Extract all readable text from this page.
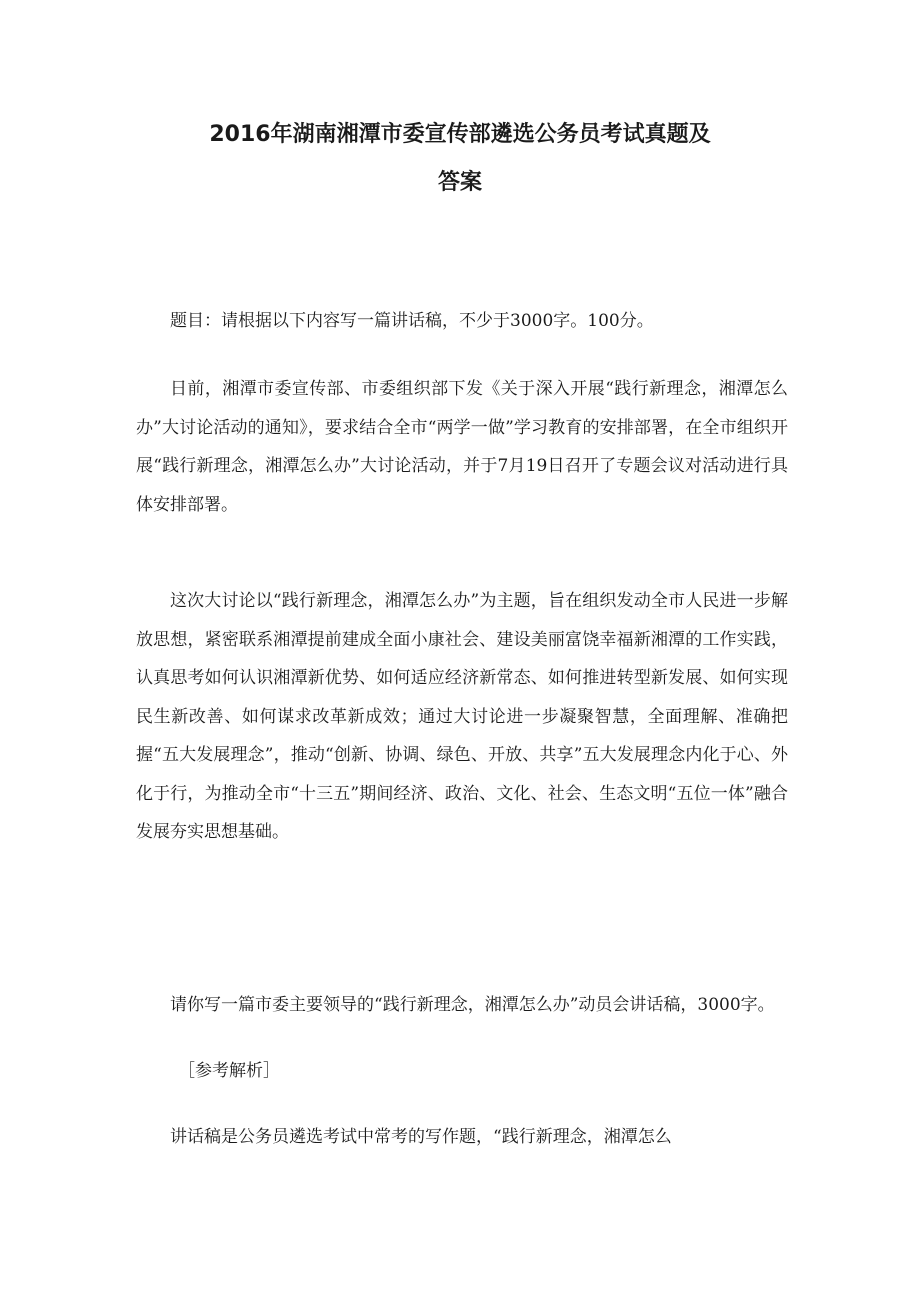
2016年湖南湘潭市委宣传部遴选公务员考试真题及
答案

题目：请根据以下内容写一篇讲话稿，不少于3000字。100分。

日前，湘潭市委宣传部、市委组织部下发《关于深入开展“践行新理念，湘潭怎么办”大讨论活动的通知》，要求结合全市“两学一做”学习教育的安排部署，在全市组织开展“践行新理念，湘潭怎么办”大讨论活动，并于7月19日召开了专题会议对活动进行具体安排部署。

这次大讨论以“践行新理念，湘潭怎么办”为主题，旨在组织发动全市人民进一步解放思想，紧密联系湘潭提前建成全面小康社会、建设美丽富饶幸福新湘潭的工作实践，认真思考如何认识湘潭新优势、如何适应经济新常态、如何推进转型新发展、如何实现民生新改善、如何谋求改革新成效；通过大讨论进一步凝聚智慧，全面理解、准确把握“五大发展理念”，推动“创新、协调、绿色、开放、共享”五大发展理念内化于心、外化于行，为推动全市“十三五”期间经济、政治、文化、社会、生态文明“五位一体”融合发展夯实思想基础。

请你写一篇市委主要领导的“践行新理念，湘潭怎么办”动员会讲话稿，3000字。

［参考解析］

讲话稿是公务员遴选考试中常考的写作题，“践行新理念，湘潭怎么
